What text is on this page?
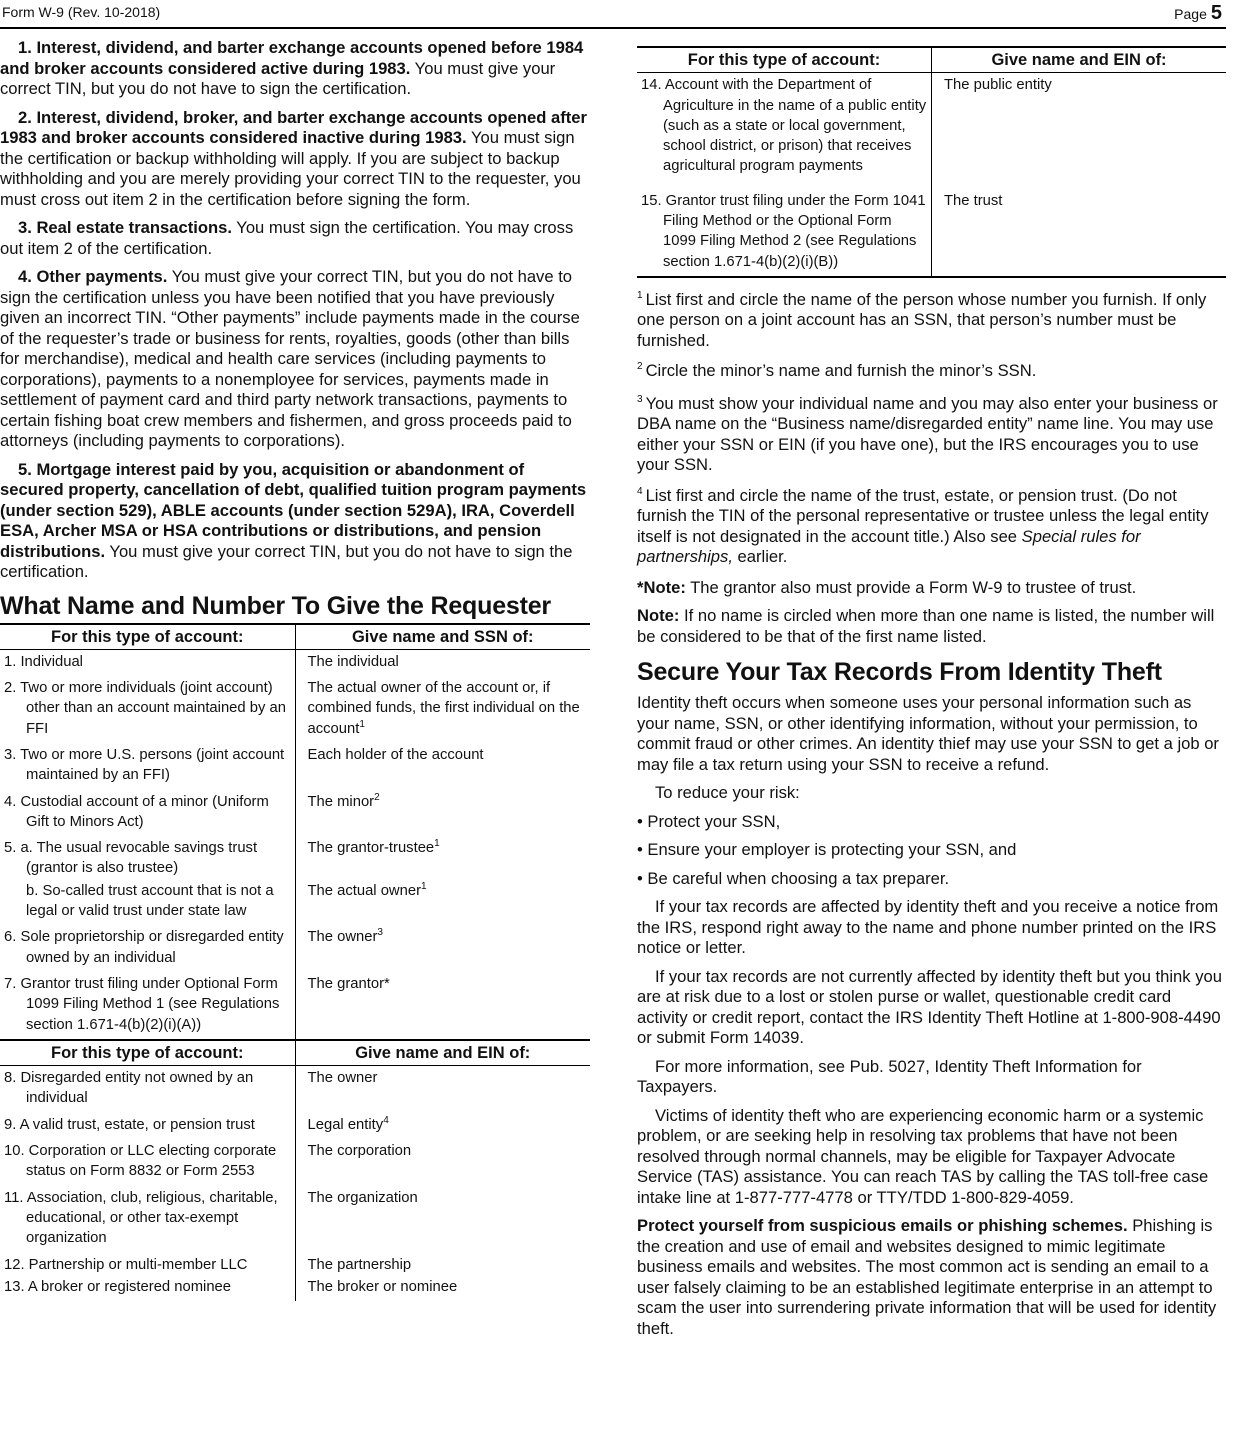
Form W-9 (Rev. 10-2018)	Page 5

1. Interest, dividend, and barter exchange accounts opened before 1984 and broker accounts considered active during 1983. You must give your correct TIN, but you do not have to sign the certification.

2. Interest, dividend, broker, and barter exchange accounts opened after 1983 and broker accounts considered inactive during 1983. You must sign the certification or backup withholding will apply. If you are subject to backup withholding and you are merely providing your correct TIN to the requester, you must cross out item 2 in the certification before signing the form.

3. Real estate transactions. You must sign the certification. You may cross out item 2 of the certification.

4. Other payments. You must give your correct TIN, but you do not have to sign the certification unless you have been notified that you have previously given an incorrect TIN. “Other payments” include payments made in the course of the requester’s trade or business for rents, royalties, goods (other than bills for merchandise), medical and health care services (including payments to corporations), payments to a nonemployee for services, payments made in settlement of payment card and third party network transactions, payments to certain fishing boat crew members and fishermen, and gross proceeds paid to attorneys (including payments to corporations).

5. Mortgage interest paid by you, acquisition or abandonment of secured property, cancellation of debt, qualified tuition program payments (under section 529), ABLE accounts (under section 529A), IRA, Coverdell ESA, Archer MSA or HSA contributions or distributions, and pension distributions. You must give your correct TIN, but you do not have to sign the certification.

What Name and Number To Give the Requester
For this type of account:	Give name and SSN of:

1. Individual	The individual

2. Two or more individuals (joint account) other than an account maintained by an FFI	The actual owner of the account or, if combined funds, the first individual on the account$^1$

3. Two or more U.S. persons (joint account maintained by an FFI)	Each holder of the account

4. Custodial account of a minor (Uniform Gift to Minors Act)	The minor$^2$

5. a. The usual revocable savings trust (grantor is also trustee)	The grantor-trustee$^1$

b. So-called trust account that is not a legal or valid trust under state law	The actual owner$^1$

6. Sole proprietorship or disregarded entity owned by an individual	The owner$^3$

7. Grantor trust filing under Optional Form 1099 Filing Method 1 (see Regulations section 1.671-4(b)(2)(i)(A))	The grantor*
For this type of account:	Give name and EIN of:

8. Disregarded entity not owned by an individual	The owner

9. A valid trust, estate, or pension trust	Legal entity$^4$

10. Corporation or LLC electing corporate status on Form 8832 or Form 2553	The corporation

11. Association, club, religious, charitable, educational, or other tax-exempt organization	The organization

12. Partnership or multi-member LLC	The partnership

13. A broker or registered nominee	The broker or nominee
For this type of account:	Give name and EIN of:

14. Account with the Department of Agriculture in the name of a public entity (such as a state or local government, school district, or prison) that receives agricultural program payments	The public entity

15. Grantor trust filing under the Form 1041 Filing Method or the Optional Form 1099 Filing Method 2 (see Regulations section 1.671-4(b)(2)(i)(B))	The trust
$^1$ List first and circle the name of the person whose number you furnish. If only one person on a joint account has an SSN, that person’s number must be furnished.
$^2$ Circle the minor’s name and furnish the minor’s SSN.
$^3$ You must show your individual name and you may also enter your business or DBA name on the “Business name/disregarded entity” name line. You may use either your SSN or EIN (if you have one), but the IRS encourages you to use your SSN.
$^4$ List first and circle the name of the trust, estate, or pension trust. (Do not furnish the TIN of the personal representative or trustee unless the legal entity itself is not designated in the account title.) Also see Special rules for partnerships, earlier.

*Note: The grantor also must provide a Form W-9 to trustee of trust.

Note: If no name is circled when more than one name is listed, the number will be considered to be that of the first name listed.

Secure Your Tax Records From Identity Theft

Identity theft occurs when someone uses your personal information such as your name, SSN, or other identifying information, without your permission, to commit fraud or other crimes. An identity thief may use your SSN to get a job or may file a tax return using your SSN to receive a refund.

To reduce your risk:

• Protect your SSN,

• Ensure your employer is protecting your SSN, and

• Be careful when choosing a tax preparer.

If your tax records are affected by identity theft and you receive a notice from the IRS, respond right away to the name and phone number printed on the IRS notice or letter.

If your tax records are not currently affected by identity theft but you think you are at risk due to a lost or stolen purse or wallet, questionable credit card activity or credit report, contact the IRS Identity Theft Hotline at 1-800-908-4490 or submit Form 14039.

For more information, see Pub. 5027, Identity Theft Information for Taxpayers.

Victims of identity theft who are experiencing economic harm or a systemic problem, or are seeking help in resolving tax problems that have not been resolved through normal channels, may be eligible for Taxpayer Advocate Service (TAS) assistance. You can reach TAS by calling the TAS toll-free case intake line at 1-877-777-4778 or TTY/TDD 1-800-829-4059.

Protect yourself from suspicious emails or phishing schemes. Phishing is the creation and use of email and websites designed to mimic legitimate business emails and websites. The most common act is sending an email to a user falsely claiming to be an established legitimate enterprise in an attempt to scam the user into surrendering private information that will be used for identity theft.
